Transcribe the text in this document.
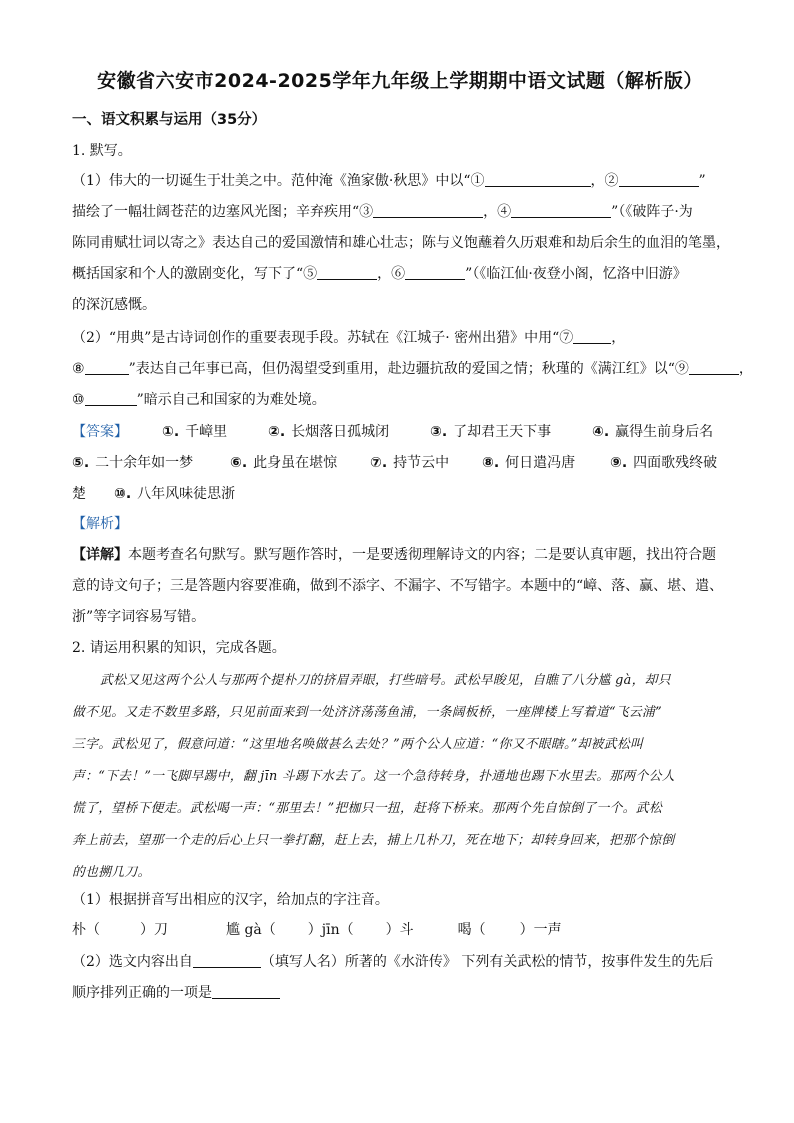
安徽省六安市2024-2025学年九年级上学期期中语文试题（解析版）
一、语文积累与运用（35分）
1. 默写。
（1）伟大的一切诞生于壮美之中。范仲淹《渔家傲·秋思》中以“①	，②	”
描绘了一幅壮阔苍茫的边塞风光图；辛弃疾用“③	，④	”（《破阵子·为
陈同甫赋壮词以寄之》表达自己的爱国激情和雄心壮志；陈与义饱蘸着久历艰难和劫后余生的血泪的笔墨，
概括国家和个人的激剧变化，写下了“⑤	，⑥	”（《临江仙·夜登小阁，忆洛中旧游》
的深沉感慨。
（2）“用典”是古诗词创作的重要表现手段。苏轼在《江城子· 密州出猎》中用“⑦	，
⑧	”表达自己年事已高，但仍渴望受到重用，赴边疆抗敌的爱国之情；秋瑾的《满江红》以“⑨	，
⑩	”暗示自己和国家的为难处境。
【答案】 ①. 千嶂里	②. 长烟落日孤城闭	③. 了却君王天下事	④. 赢得生前身后名
⑤. 二十余年如一梦	⑥. 此身虽在堪惊 ⑦. 持节云中 ⑧. 何日遣冯唐 ⑨. 四面歌残终破
楚 ⑩. 八年风味徒思浙
【解析】
【详解】本题考查名句默写。默写题作答时，一是要透彻理解诗文的内容；二是要认真审题，找出符合题
意的诗文句子；三是答题内容要准确，做到不添字、不漏字、不写错字。本题中的“嶂、落、赢、堪、遣、
浙”等字词容易写错。
2. 请运用积累的知识，完成各题。
武松又见这两个公人与那两个提朴刀的挤眉弄眼，打些暗号。武松早睃见，自瞧了八分尴 gà，却只
做不见。又走不数里多路，只见前面来到一处济济荡荡鱼浦，一条阔板桥，一座牌楼上写着道“飞云浦”
三字。武松见了，假意问道：“这里地名唤做甚么去处？”两个公人应道：“你又不眼瞎。”却被武松叫
声：“下去！”一飞脚早踢中，翻 jīn 斗踢下水去了。这一个急待转身，扑通地也踢下水里去。那两个公人
慌了，望桥下便走。武松喝一声：“那里去！”把枷只一扭，赶将下桥来。那两个先自惊倒了一个。武松
奔上前去，望那一个走的后心上只一拳打翻，赶上去，捕上几朴刀，死在地下；却转身回来，把那个惊倒
的也搠几刀。
（1）根据拼音写出相应的汉字，给加点的字注音。
朴（	）刀	尴 gà（ ）jīn（ ）斗	喝（ ）一声
（2）选文内容出自	（填写人名）所著的《水浒传》 下列有关武松的情节，按事件发生的先后
顺序排列正确的一项是
